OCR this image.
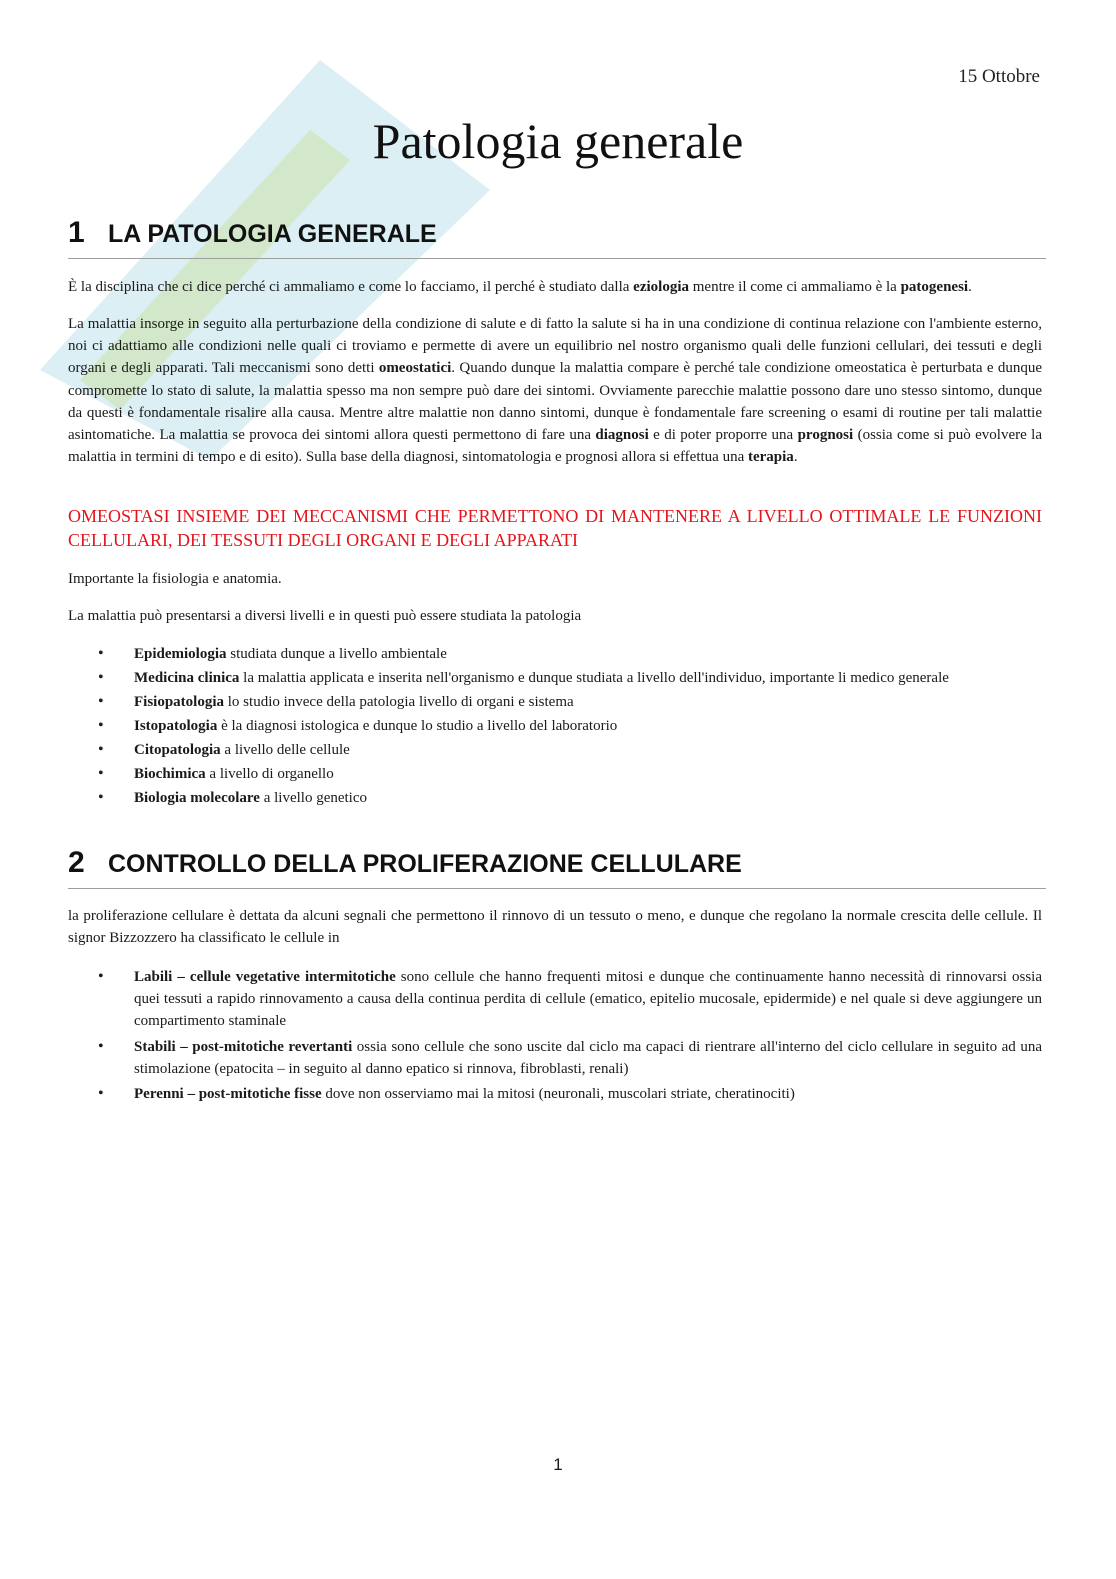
15 Ottobre
Patologia generale
1 LA PATOLOGIA GENERALE
È la disciplina che ci dice perché ci ammaliamo e come lo facciamo, il perché è studiato dalla eziologia mentre il come ci ammaliamo è la patogenesi.
La malattia insorge in seguito alla perturbazione della condizione di salute e di fatto la salute si ha in una condizione di continua relazione con l'ambiente esterno, noi ci adattiamo alle condizioni nelle quali ci troviamo e permette di avere un equilibrio nel nostro organismo quali delle funzioni cellulari, dei tessuti e degli organi e degli apparati. Tali meccanismi sono detti omeostatici. Quando dunque la malattia compare è perché tale condizione omeostatica è perturbata e dunque compromette lo stato di salute, la malattia spesso ma non sempre può dare dei sintomi. Ovviamente parecchie malattie possono dare uno stesso sintomo, dunque da questi è fondamentale risalire alla causa. Mentre altre malattie non danno sintomi, dunque è fondamentale fare screening o esami di routine per tali malattie asintomatiche. La malattia se provoca dei sintomi allora questi permettono di fare una diagnosi e di poter proporre una prognosi (ossia come si può evolvere la malattia in termini di tempo e di esito). Sulla base della diagnosi, sintomatologia e prognosi allora si effettua una terapia.
OMEOSTASI INSIEME DEI MECCANISMI CHE PERMETTONO DI MANTENERE A LIVELLO OTTIMALE LE FUNZIONI CELLULARI, DEI TESSUTI DEGLI ORGANI E DEGLI APPARATI
Importante la fisiologia e anatomia.
La malattia può presentarsi a diversi livelli e in questi può essere studiata la patologia
• Epidemiologia studiata dunque a livello ambientale
• Medicina clinica la malattia applicata e inserita nell'organismo e dunque studiata a livello dell'individuo, importante li medico generale
• Fisiopatologia lo studio invece della patologia livello di organi e sistema
• Istopatologia è la diagnosi istologica e dunque lo studio a livello del laboratorio
• Citopatologia a livello delle cellule
• Biochimica a livello di organello
• Biologia molecolare a livello genetico
2 CONTROLLO DELLA PROLIFERAZIONE CELLULARE
la proliferazione cellulare è dettata da alcuni segnali che permettono il rinnovo di un tessuto o meno, e dunque che regolano la normale crescita delle cellule. Il signor Bizzozzero ha classificato le cellule in
• Labili – cellule vegetative intermitotiche sono cellule che hanno frequenti mitosi e dunque che continuamente hanno necessità di rinnovarsi ossia quei tessuti a rapido rinnovamento a causa della continua perdita di cellule (ematico, epitelio mucosale, epidermide) e nel quale si deve aggiungere un compartimento staminale
• Stabili – post-mitotiche revertanti ossia sono cellule che sono uscite dal ciclo ma capaci di rientrare all'interno del ciclo cellulare in seguito ad una stimolazione (epatocita – in seguito al danno epatico si rinnova, fibroblasti, renali)
• Perenni – post-mitotiche fisse dove non osserviamo mai la mitosi (neuronali, muscolari striate, cheratinociti)
1
